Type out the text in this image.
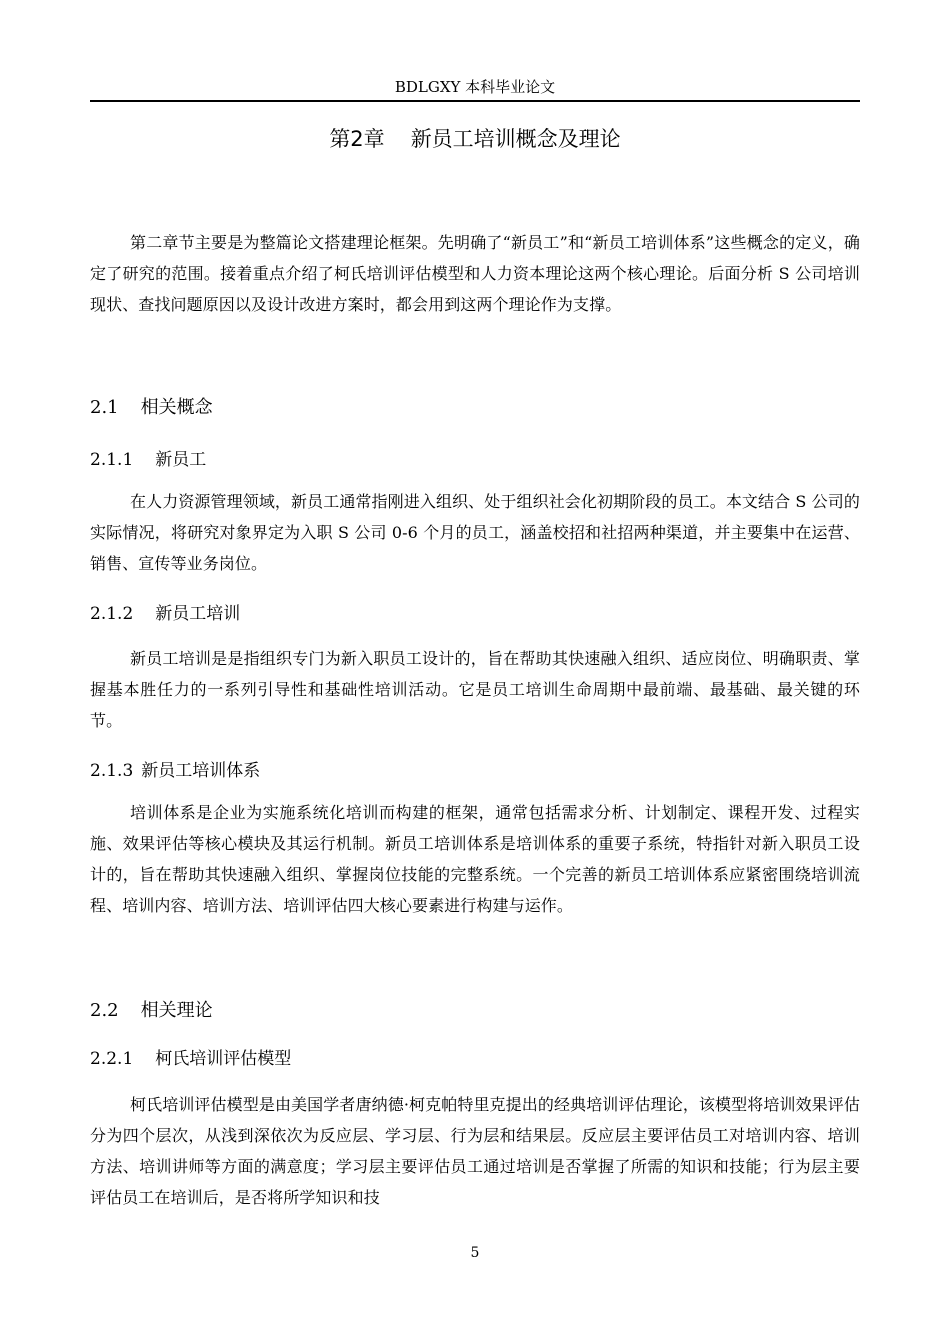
BDLGXY 本科毕业论文
第2章 新员工培训概念及理论

第二章节主要是为整篇论文搭建理论框架。先明确了“新员工”和“新员工培训体系”这些概念的定义，确定了研究的范围。接着重点介绍了柯氏培训评估模型和人力资本理论这两个核心理论。后面分析 S 公司培训现状、查找问题原因以及设计改进方案时，都会用到这两个理论作为支撑。

2.1 相关概念
2.1.1 新员工

在人力资源管理领域，新员工通常指刚进入组织、处于组织社会化初期阶段的员工。本文结合 S 公司的实际情况，将研究对象界定为入职 S 公司 0-6 个月的员工，涵盖校招和社招两种渠道，并主要集中在运营、销售、宣传等业务岗位。

2.1.2 新员工培训

新员工培训是是指组织专门为新入职员工设计的，旨在帮助其快速融入组织、适应岗位、明确职责、掌握基本胜任力的一系列引导性和基础性培训活动。它是员工培训生命周期中最前端、最基础、最关键的环节。

2.1.3 新员工培训体系

培训体系是企业为实施系统化培训而构建的框架，通常包括需求分析、计划制定、课程开发、过程实施、效果评估等核心模块及其运行机制。新员工培训体系是培训体系的重要子系统，特指针对新入职员工设计的，旨在帮助其快速融入组织、掌握岗位技能的完整系统。一个完善的新员工培训体系应紧密围绕培训流程、培训内容、培训方法、培训评估四大核心要素进行构建与运作。

2.2 相关理论
2.2.1 柯氏培训评估模型

柯氏培训评估模型是由美国学者唐纳德·柯克帕特里克提出的经典培训评估理论，该模型将培训效果评估分为四个层次，从浅到深依次为反应层、学习层、行为层和结果层。反应层主要评估员工对培训内容、培训方法、培训讲师等方面的满意度；学习层主要评估员工通过培训是否掌握了所需的知识和技能；行为层主要评估员工在培训后，是否将所学知识和技

5
